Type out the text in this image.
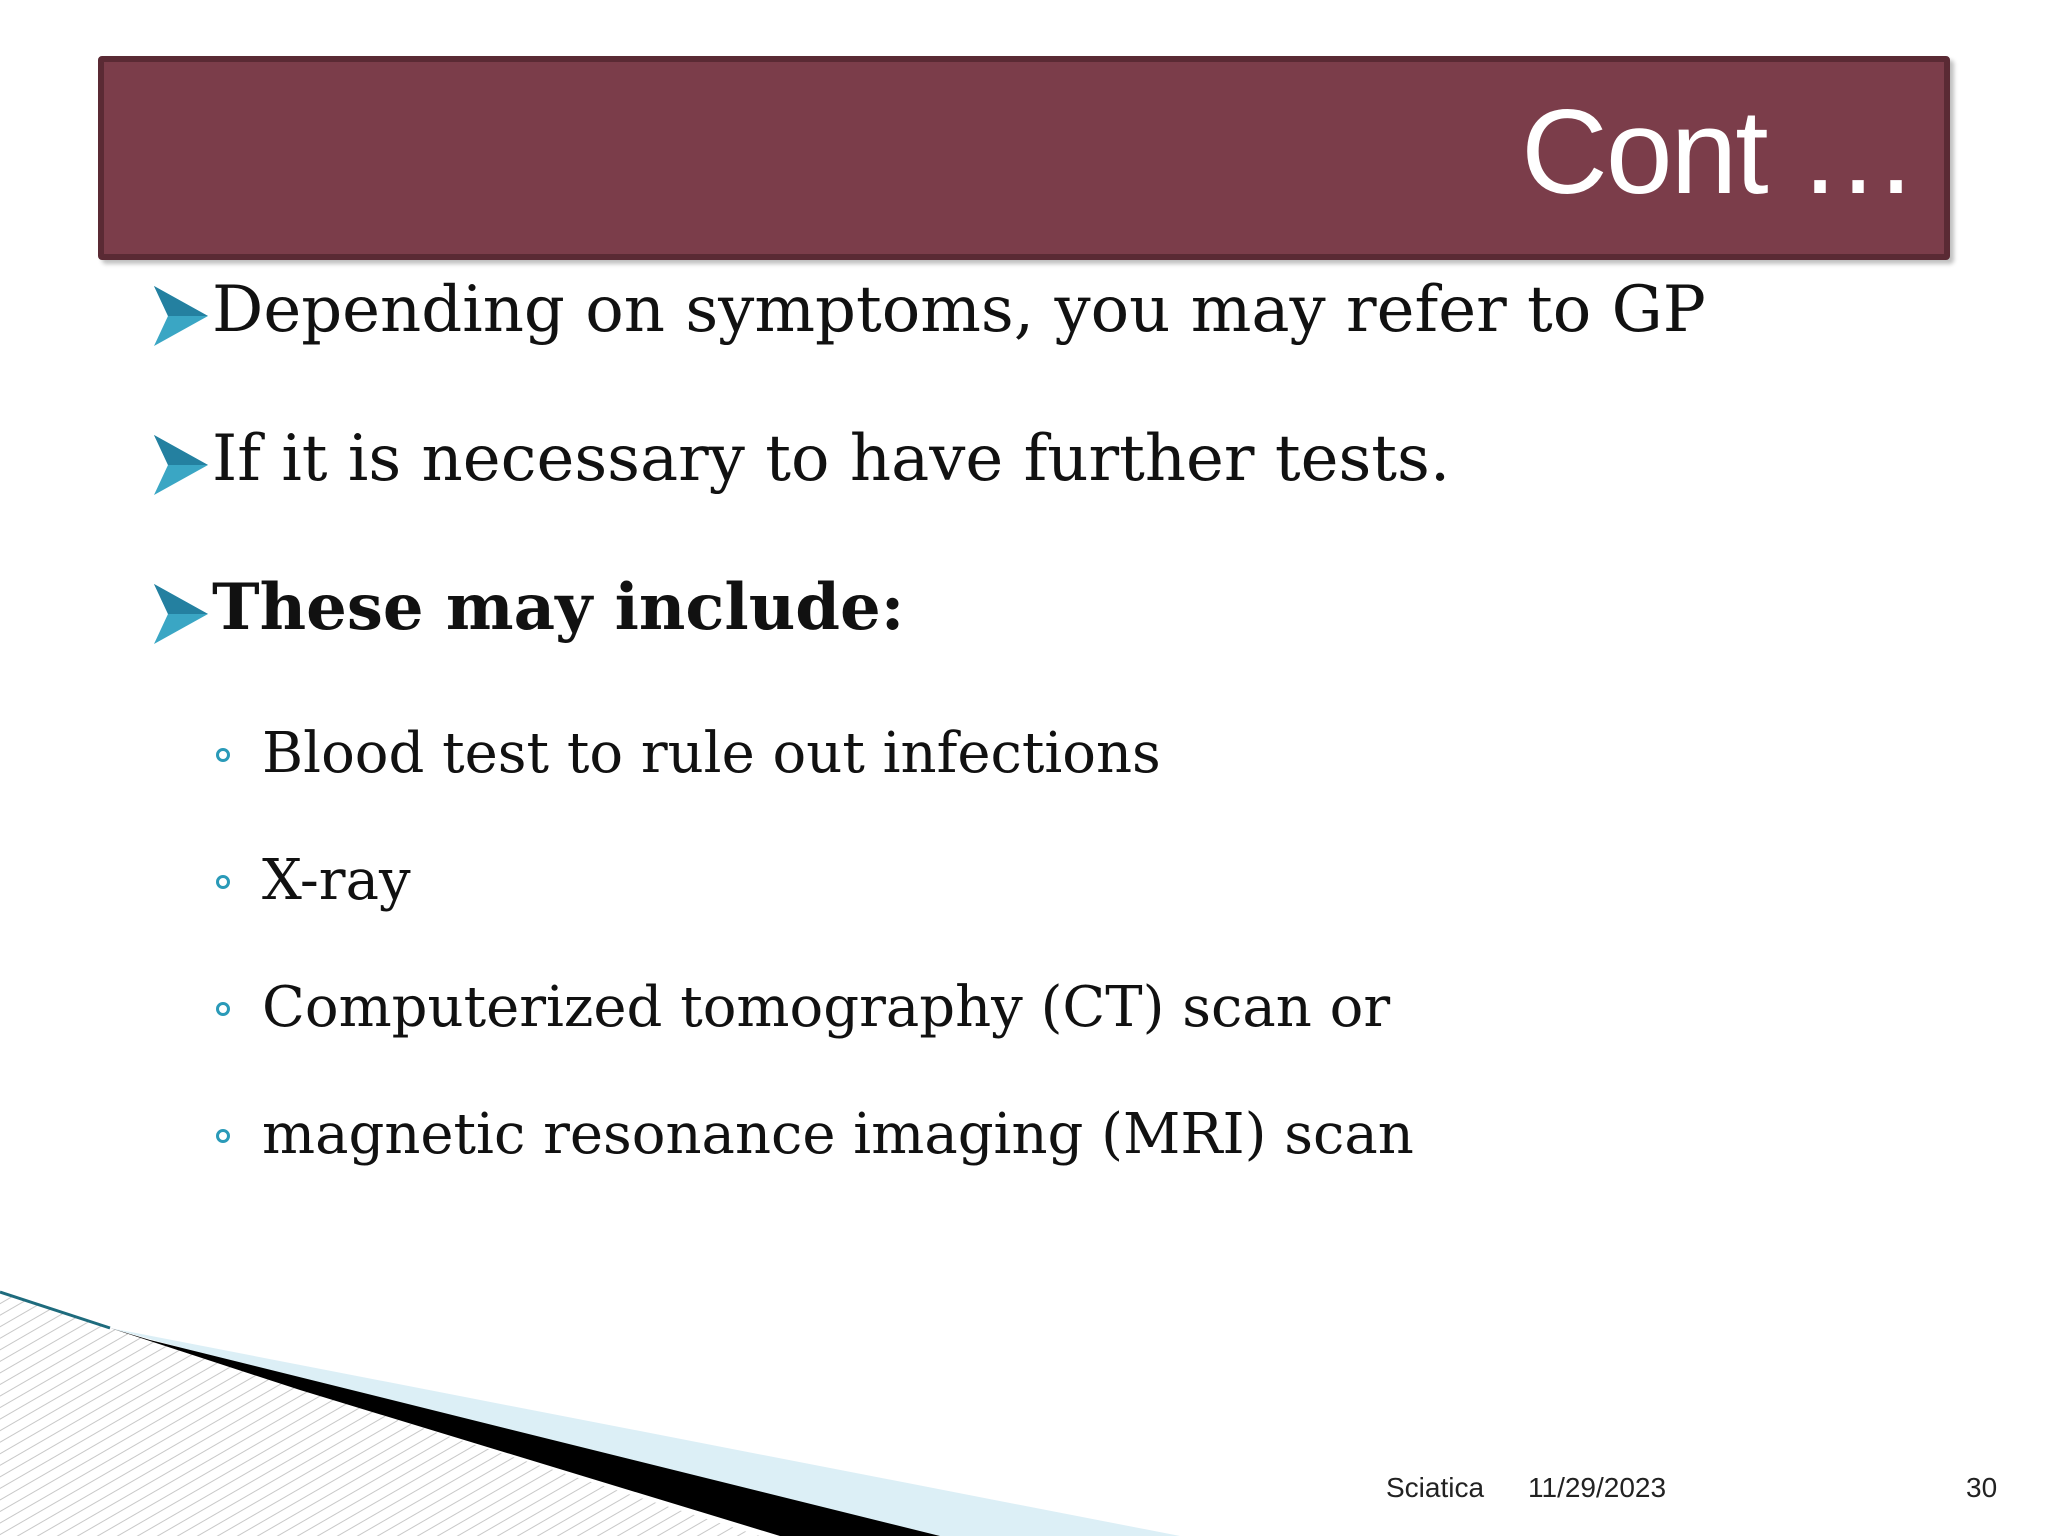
Cont …
Depending on symptoms, you may refer to GP
If it is necessary to have further tests.
These may include:
Blood test to rule out infections
X-ray
Computerized tomography (CT) scan or
magnetic resonance imaging (MRI) scan
Sciatica 11/29/2023	30
